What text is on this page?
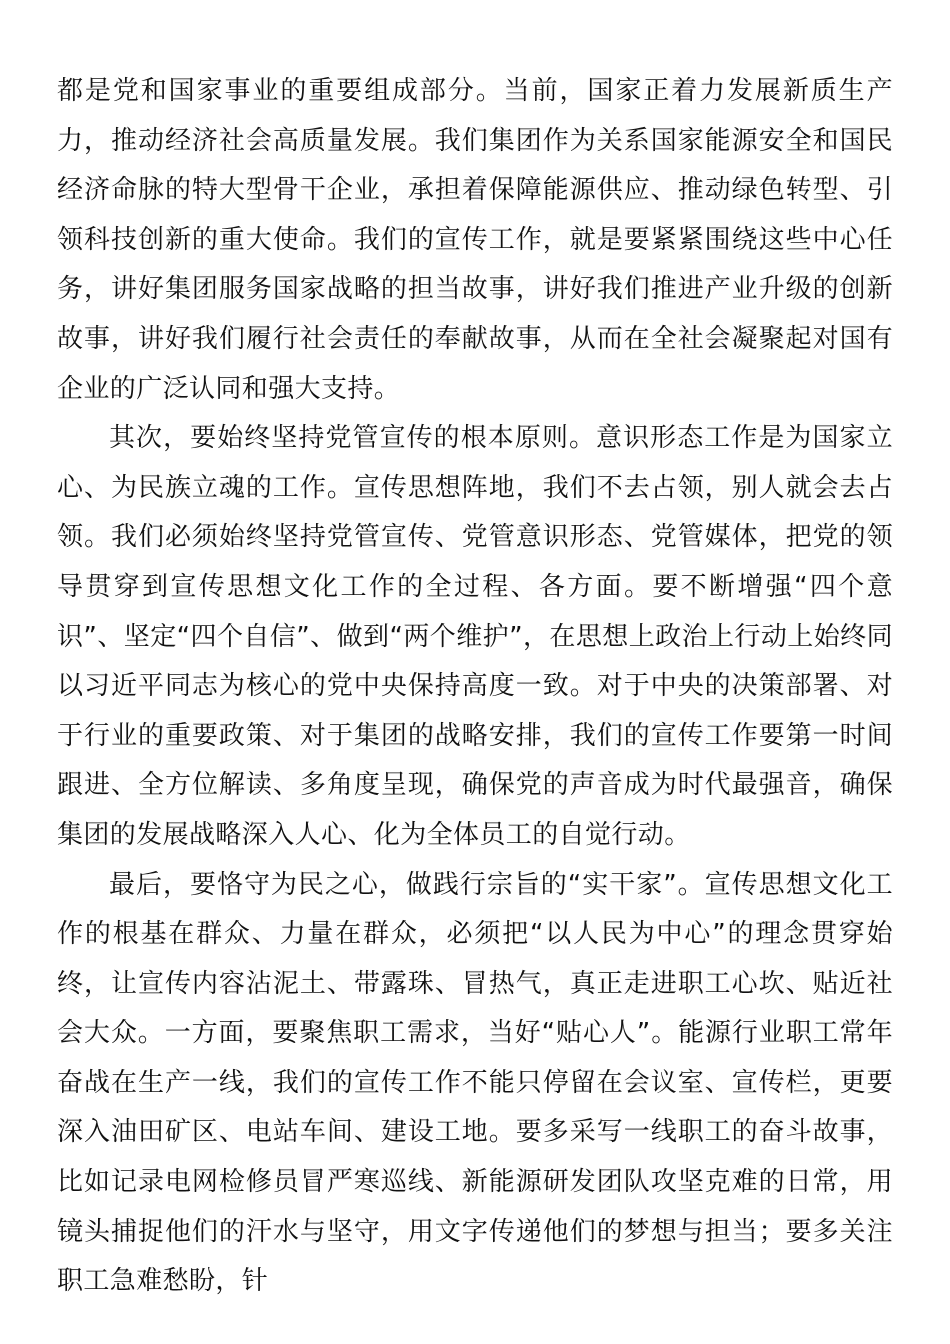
都是党和国家事业的重要组成部分。当前，国家正着力发展新质生产力，推动经济社会高质量发展。我们集团作为关系国家能源安全和国民经济命脉的特大型骨干企业，承担着保障能源供应、推动绿色转型、引领科技创新的重大使命。我们的宣传工作，就是要紧紧围绕这些中心任务，讲好集团服务国家战略的担当故事，讲好我们推进产业升级的创新故事，讲好我们履行社会责任的奉献故事，从而在全社会凝聚起对国有企业的广泛认同和强大支持。

其次，要始终坚持党管宣传的根本原则。意识形态工作是为国家立心、为民族立魂的工作。宣传思想阵地，我们不去占领，别人就会去占领。我们必须始终坚持党管宣传、党管意识形态、党管媒体，把党的领导贯穿到宣传思想文化工作的全过程、各方面。要不断增强“四个意识”、坚定“四个自信”、做到“两个维护”，在思想上政治上行动上始终同以习近平同志为核心的党中央保持高度一致。对于中央的决策部署、对于行业的重要政策、对于集团的战略安排，我们的宣传工作要第一时间跟进、全方位解读、多角度呈现，确保党的声音成为时代最强音，确保集团的发展战略深入人心、化为全体员工的自觉行动。

最后，要恪守为民之心，做践行宗旨的“实干家”。宣传思想文化工作的根基在群众、力量在群众，必须把“以人民为中心”的理念贯穿始终，让宣传内容沾泥土、带露珠、冒热气，真正走进职工心坎、贴近社会大众。一方面，要聚焦职工需求，当好“贴心人”。能源行业职工常年奋战在生产一线，我们的宣传工作不能只停留在会议室、宣传栏，更要深入油田矿区、电站车间、建设工地。要多采写一线职工的奋斗故事，比如记录电网检修员冒严寒巡线、新能源研发团队攻坚克难的日常，用镜头捕捉他们的汗水与坚守，用文字传递他们的梦想与担当；要多关注职工急难愁盼，针
